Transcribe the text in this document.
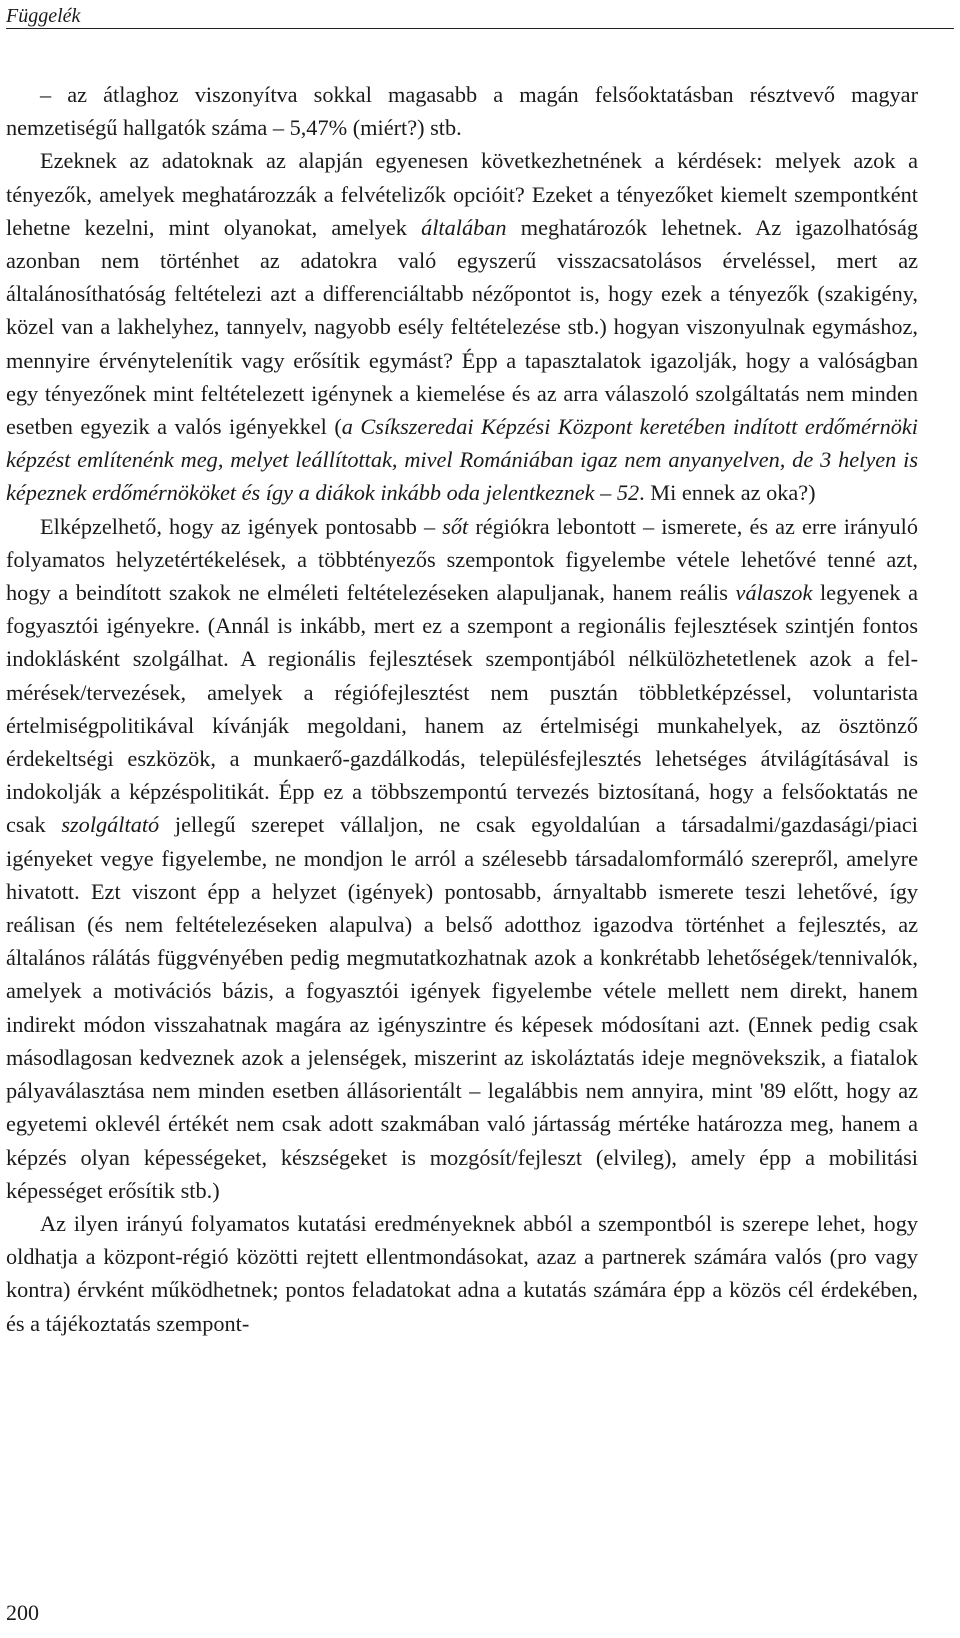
Függelék

– az átlaghoz viszonyítva sokkal magasabb a magán felsőoktatásban résztvevő magyar nemzetiségű hallgatók száma – 5,47% (miért?) stb.

Ezeknek az adatoknak az alapján egyenesen következhetnének a kérdések: melyek azok a tényezők, amelyek meghatározzák a felvételizők opcióit? Ezeket a tényezőket kiemelt szempontként lehetne kezelni, mint olyanokat, amelyek általában meghatározók lehetnek. Az igazolhatóság azonban nem történhet az adatokra való egyszerű visszacsatolásos érveléssel, mert az általánosíthatóság feltételezi azt a differenciáltabb nézőpontot is, hogy ezek a tényezők (szakigény, közel van a lakhelyhez, tannyelv, nagyobb esély feltételezése stb.) hogyan viszonyulnak egymáshoz, mennyire érvénytelenítik vagy erősítik egymást? Épp a tapasztalatok igazolják, hogy a valóságban egy tényezőnek mint feltételezett igénynek a kiemelése és az arra válaszoló szolgáltatás nem minden esetben egyezik a valós igényekkel (a Csíkszeredai Képzési Központ keretében indított erdőmérnöki képzést említenénk meg, melyet leállítottak, mivel Romániában igaz nem anyanyelven, de 3 helyen is képeznek erdőmérnököket és így a diákok inkább oda jelentkeznek – 52. Mi ennek az oka?)

Elképzelhető, hogy az igények pontosabb – sőt régiókra lebontott – ismerete, és az erre irányuló folyamatos helyzetértékelések, a többtényezős szempontok figyelembe vétele lehetővé tenné azt, hogy a beindított szakok ne elméleti feltételezéseken alapuljanak, hanem reális válaszok legyenek a fogyasztói igényekre. (Annál is inkább, mert ez a szempont a regionális fejlesztések szintjén fontos indoklásként szolgálhat. A regionális fejlesztések szempontjából nélkülözhetetlenek azok a felmérések/tervezések, amelyek a régiófejlesztést nem pusztán többletképzéssel, voluntarista értelmiségpolitikával kívánják megoldani, hanem az értelmiségi munkahelyek, az ösztönző érdekeltségi eszközök, a munkaerő-gazdálkodás, településfejlesztés lehetséges átvilágításával is indokolják a képzéspolitikát. Épp ez a többszempontú tervezés biztosítaná, hogy a felsőoktatás ne csak szolgáltató jellegű szerepet vállaljon, ne csak egyoldalúan a társadalmi/gazdasági/piaci igényeket vegye figyelembe, ne mondjon le arról a szélesebb társadalomformáló szerepről, amelyre hivatott. Ezt viszont épp a helyzet (igények) pontosabb, árnyaltabb ismerete teszi lehetővé, így reálisan (és nem feltételezéseken alapulva) a belső adotthoz igazodva történhet a fejlesztés, az általános rálátás függvényében pedig megmutatkozhatnak azok a konkrétabb lehetőségek/tennivalók, amelyek a motivációs bázis, a fogyasztói igények figyelembe vétele mellett nem direkt, hanem indirekt módon visszahatnak magára az igényszintre és képesek módosítani azt. (Ennek pedig csak másodlagosan kedveznek azok a jelenségek, miszerint az iskoláztatás ideje megnövekszik, a fiatalok pályaválasztása nem minden esetben állásorientált – legalábbis nem annyira, mint '89 előtt, hogy az egyetemi oklevél értékét nem csak adott szakmában való jártasság mértéke határozza meg, hanem a képzés olyan képességeket, készségeket is mozgósít/fejleszt (elvileg), amely épp a mobilitási képességet erősítik stb.)

Az ilyen irányú folyamatos kutatási eredményeknek abból a szempontból is szerepe lehet, hogy oldhatja a központ-régió közötti rejtett ellentmondásokat, azaz a partnerek számára valós (pro vagy kontra) érvként működhetnek; pontos feladatokat adna a kutatás számára épp a közös cél érdekében, és a tájékoztatás szempont-

200
